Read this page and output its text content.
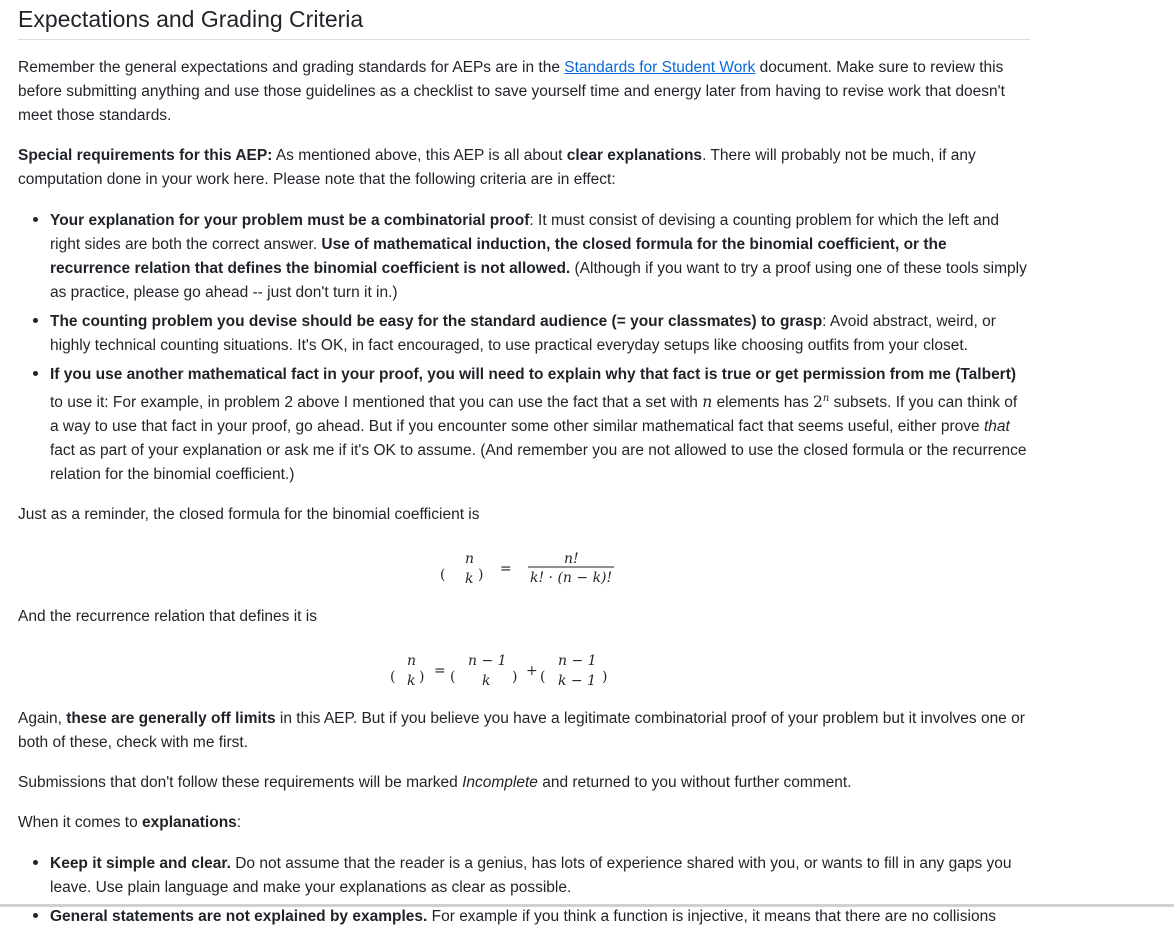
Expectations and Grading Criteria

Remember the general expectations and grading standards for AEPs are in the Standards for Student Work document. Make sure to review this before submitting anything and use those guidelines as a checklist to save yourself time and energy later from having to revise work that doesn't meet those standards.

Special requirements for this AEP: As mentioned above, this AEP is all about clear explanations. There will probably not be much, if any computation done in your work here. Please note that the following criteria are in effect:

• Your explanation for your problem must be a combinatorial proof: It must consist of devising a counting problem for which the left and right sides are both the correct answer. Use of mathematical induction, the closed formula for the binomial coefficient, or the recurrence relation that defines the binomial coefficient is not allowed. (Although if you want to try a proof using one of these tools simply as practice, please go ahead -- just don't turn it in.)
• The counting problem you devise should be easy for the standard audience (= your classmates) to grasp: Avoid abstract, weird, or highly technical counting situations. It's OK, in fact encouraged, to use practical everyday setups like choosing outfits from your closet.
• If you use another mathematical fact in your proof, you will need to explain why that fact is true or get permission from me (Talbert) to use it: For example, in problem 2 above I mentioned that you can use the fact that a set with n elements has 2$^n$ subsets. If you can think of a way to use that fact in your proof, go ahead. But if you encounter some other similar mathematical fact that seems useful, either prove that fact as part of your explanation or ask me if it's OK to assume. (And remember you are not allowed to use the closed formula or the recurrence relation for the binomial coefficient.)

Just as a reminder, the closed formula for the binomial coefficient is

(
n
k ) =
n!
k! · (n − k)!

And the recurrence relation that defines it is

(
n
k ) = (
n − 1
k ) + (
n − 1
k − 1 )

Again, these are generally off limits in this AEP. But if you believe you have a legitimate combinatorial proof of your problem but it involves one or both of these, check with me first.

Submissions that don't follow these requirements will be marked Incomplete and returned to you without further comment.

When it comes to explanations:

• Keep it simple and clear. Do not assume that the reader is a genius, has lots of experience shared with you, or wants to fill in any gaps you leave. Use plain language and make your explanations as clear as possible.
• General statements are not explained by examples. For example if you think a function is injective, it means that there are no collisions
